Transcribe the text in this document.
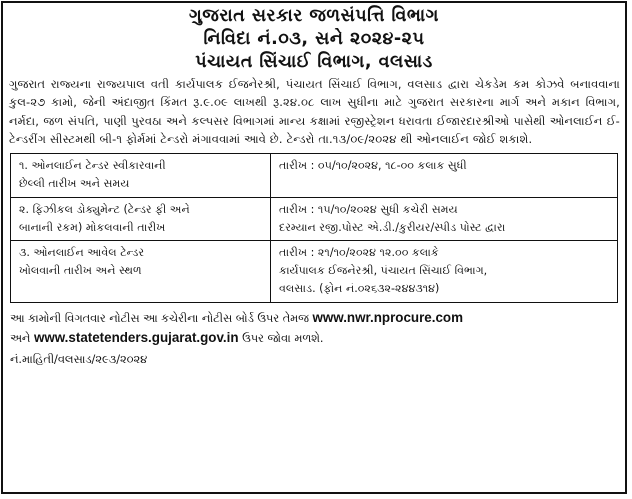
ગુજરાત સરકાર જળસંપત્તિ વિભાગ
નિવિદા નં.૦૩, સને ૨૦૨૪-૨૫
પંચાયત સિંચાઈ વિભાગ, વલસાડ

ગુજરાત રાજ્યના રાજ્યપાલ વતી કાર્યપાલક ઈજનેરશ્રી, પંચાયત સિંચાઈ વિભાગ, વલસાડ દ્વારા ચેકડેમ કમ કોઝવે બનાવવાના કુલ-૨૭ કામો, જેની અંદાજીત કિંમત રૂ.૯.૦૯ લાખથી રૂ.૨૪.૦૮ લાખ સુધીના માટે ગુજરાત સરકારના માર્ગ અને મકાન વિભાગ, નર્મદા, જળ સંપતિ, પાણી પુરવઠા અને કલ્પસર વિભાગમાં માન્ય કક્ષામાં રજીસ્ટ્રેશન ધરાવતા ઈજારદારશ્રીઓ પાસેથી ઓનલાઈન ઈ-ટેન્ડરીંગ સીસ્ટમથી બી-૧ ફોર્મમાં ટેન્ડરો મંગાવવામાં આવે છે. ટેન્ડરો તા.૧૩/૦૯/૨૦૨૪ થી ઓનલાઈન જોઈ શકાશે.

૧. ઓનલાઈન ટેન્ડર સ્વીકારવાની
છેલ્લી તારીખ અને સમય	તારીખ : ૦૫/૧૦/૨૦૨૪, ૧૮-૦૦ કલાક સુધી

૨. ફિઝીકલ ડોક્યુમેન્ટ (ટેન્ડર ફી અને
બાનાની રકમ) મોકલવાની તારીખ	તારીખ : ૧૫/૧૦/૨૦૨૪ સુધી કચેરી સમય
દરમ્યાન રજી.પોસ્ટ એ.ડી./કુરીયર/સ્પીડ પોસ્ટ દ્વારા

૩. ઓનલાઈન આવેલ ટેન્ડર
ખોલવાની તારીખ અને સ્થળ	તારીખ : ૨૧/૧૦/૨૦૨૪ ૧૨.૦૦ કલાકે
કાર્યપાલક ઈજનેરશ્રી, પંચાયત સિંચાઈ વિભાગ,
વલસાડ. (ફોન નં.૦૨૬૩૨-૨૪૪૩૧૪)
આ કામોની વિગતવાર નોટીસ આ કચેરીના નોટીસ બોર્ડ ઉપર તેમજ www.nwr.nprocure.com
અને www.statetenders.gujarat.gov.in ઉપર જોવા મળશે.
નં.માહિતી/વલસાડ/૨૯૩/૨૦૨૪
